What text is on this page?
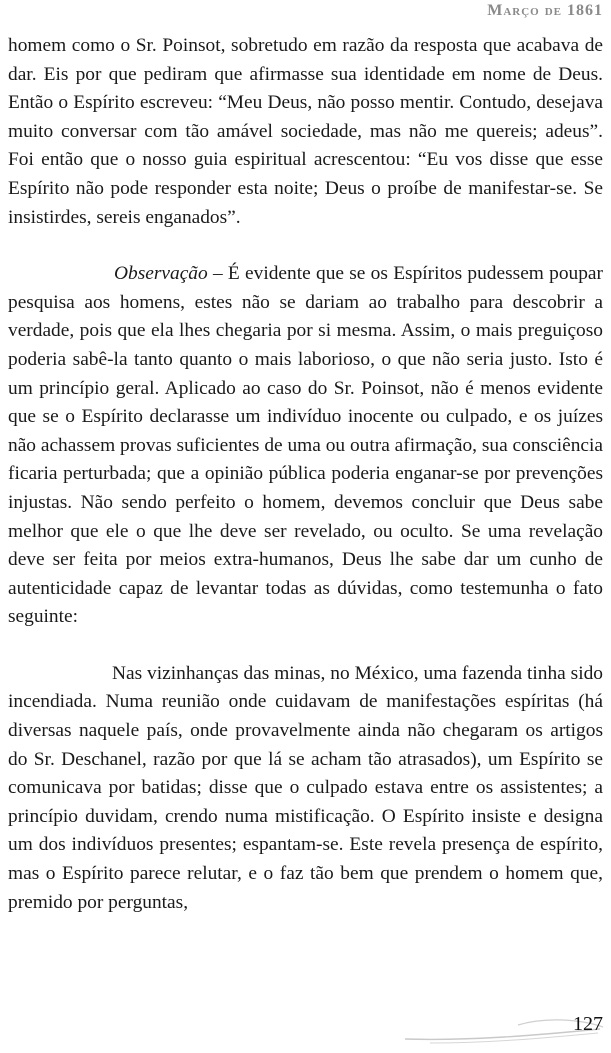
Março de 1861

homem como o Sr. Poinsot, sobretudo em razão da resposta que acabava de dar. Eis por que pediram que afirmasse sua identidade em nome de Deus. Então o Espírito escreveu: “Meu Deus, não posso mentir. Contudo, desejava muito conversar com tão amável sociedade, mas não me quereis; adeus”. Foi então que o nosso guia espiritual acrescentou: “Eu vos disse que esse Espírito não pode responder esta noite; Deus o proíbe de manifestar-se. Se insistirdes, sereis enganados”.

Observação – É evidente que se os Espíritos pudessem poupar pesquisa aos homens, estes não se dariam ao trabalho para descobrir a verdade, pois que ela lhes chegaria por si mesma. Assim, o mais preguiçoso poderia sabê-la tanto quanto o mais laborioso, o que não seria justo. Isto é um princípio geral. Aplicado ao caso do Sr. Poinsot, não é menos evidente que se o Espírito declarasse um indivíduo inocente ou culpado, e os juízes não achassem provas suficientes de uma ou outra afirmação, sua consciência ficaria perturbada; que a opinião pública poderia enganar-se por prevenções injustas. Não sendo perfeito o homem, devemos concluir que Deus sabe melhor que ele o que lhe deve ser revelado, ou oculto. Se uma revelação deve ser feita por meios extra-humanos, Deus lhe sabe dar um cunho de autenticidade capaz de levantar todas as dúvidas, como testemunha o fato seguinte:

Nas vizinhanças das minas, no México, uma fazenda tinha sido incendiada. Numa reunião onde cuidavam de manifestações espíritas (há diversas naquele país, onde provavelmente ainda não chegaram os artigos do Sr. Deschanel, razão por que lá se acham tão atrasados), um Espírito se comunicava por batidas; disse que o culpado estava entre os assistentes; a princípio duvidam, crendo numa mistificação. O Espírito insiste e designa um dos indivíduos presentes; espantam-se. Este revela presença de espírito, mas o Espírito parece relutar, e o faz tão bem que prendem o homem que, premido por perguntas,

127
